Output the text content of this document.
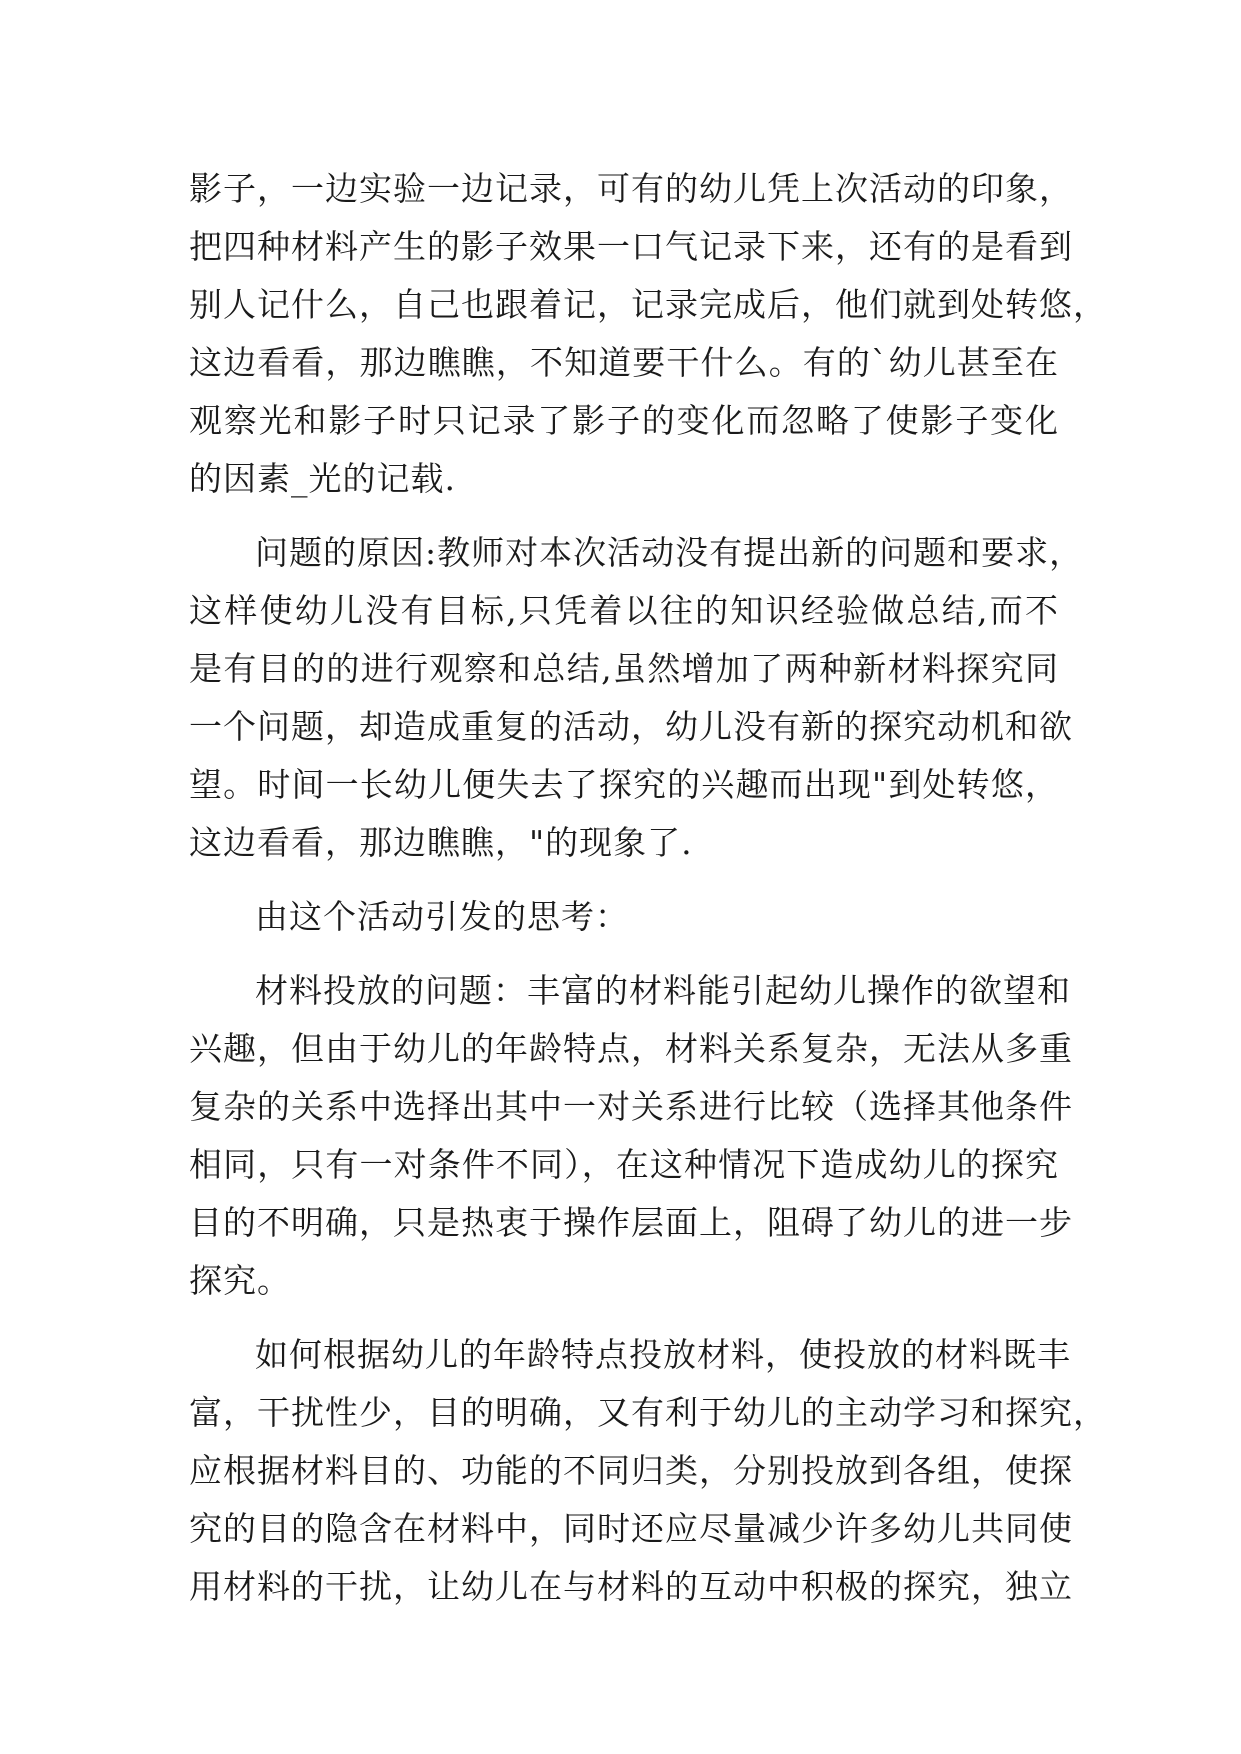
影子，一边实验一边记录，可有的幼儿凭上次活动的印象，
把四种材料产生的影子效果一口气记录下来，还有的是看到
别人记什么，自己也跟着记，记录完成后，他们就到处转悠，
这边看看，那边瞧瞧，不知道要干什么。有的`幼儿甚至在
观察光和影子时只记录了影子的变化而忽略了使影子变化
的因素_光的记载.
问题的原因:教师对本次活动没有提出新的问题和要求，
这样使幼儿没有目标,只凭着以往的知识经验做总结,而不
是有目的的进行观察和总结,虽然增加了两种新材料探究同
一个问题，却造成重复的活动，幼儿没有新的探究动机和欲
望。时间一长幼儿便失去了探究的兴趣而出现"到处转悠，
这边看看，那边瞧瞧，"的现象了.
由这个活动引发的思考：
材料投放的问题：丰富的材料能引起幼儿操作的欲望和
兴趣，但由于幼儿的年龄特点，材料关系复杂，无法从多重
复杂的关系中选择出其中一对关系进行比较（选择其他条件
相同，只有一对条件不同），在这种情况下造成幼儿的探究
目的不明确，只是热衷于操作层面上，阻碍了幼儿的进一步
探究。
如何根据幼儿的年龄特点投放材料，使投放的材料既丰
富，干扰性少，目的明确，又有利于幼儿的主动学习和探究，
应根据材料目的、功能的不同归类，分别投放到各组，使探
究的目的隐含在材料中，同时还应尽量减少许多幼儿共同使
用材料的干扰，让幼儿在与材料的互动中积极的探究，独立
